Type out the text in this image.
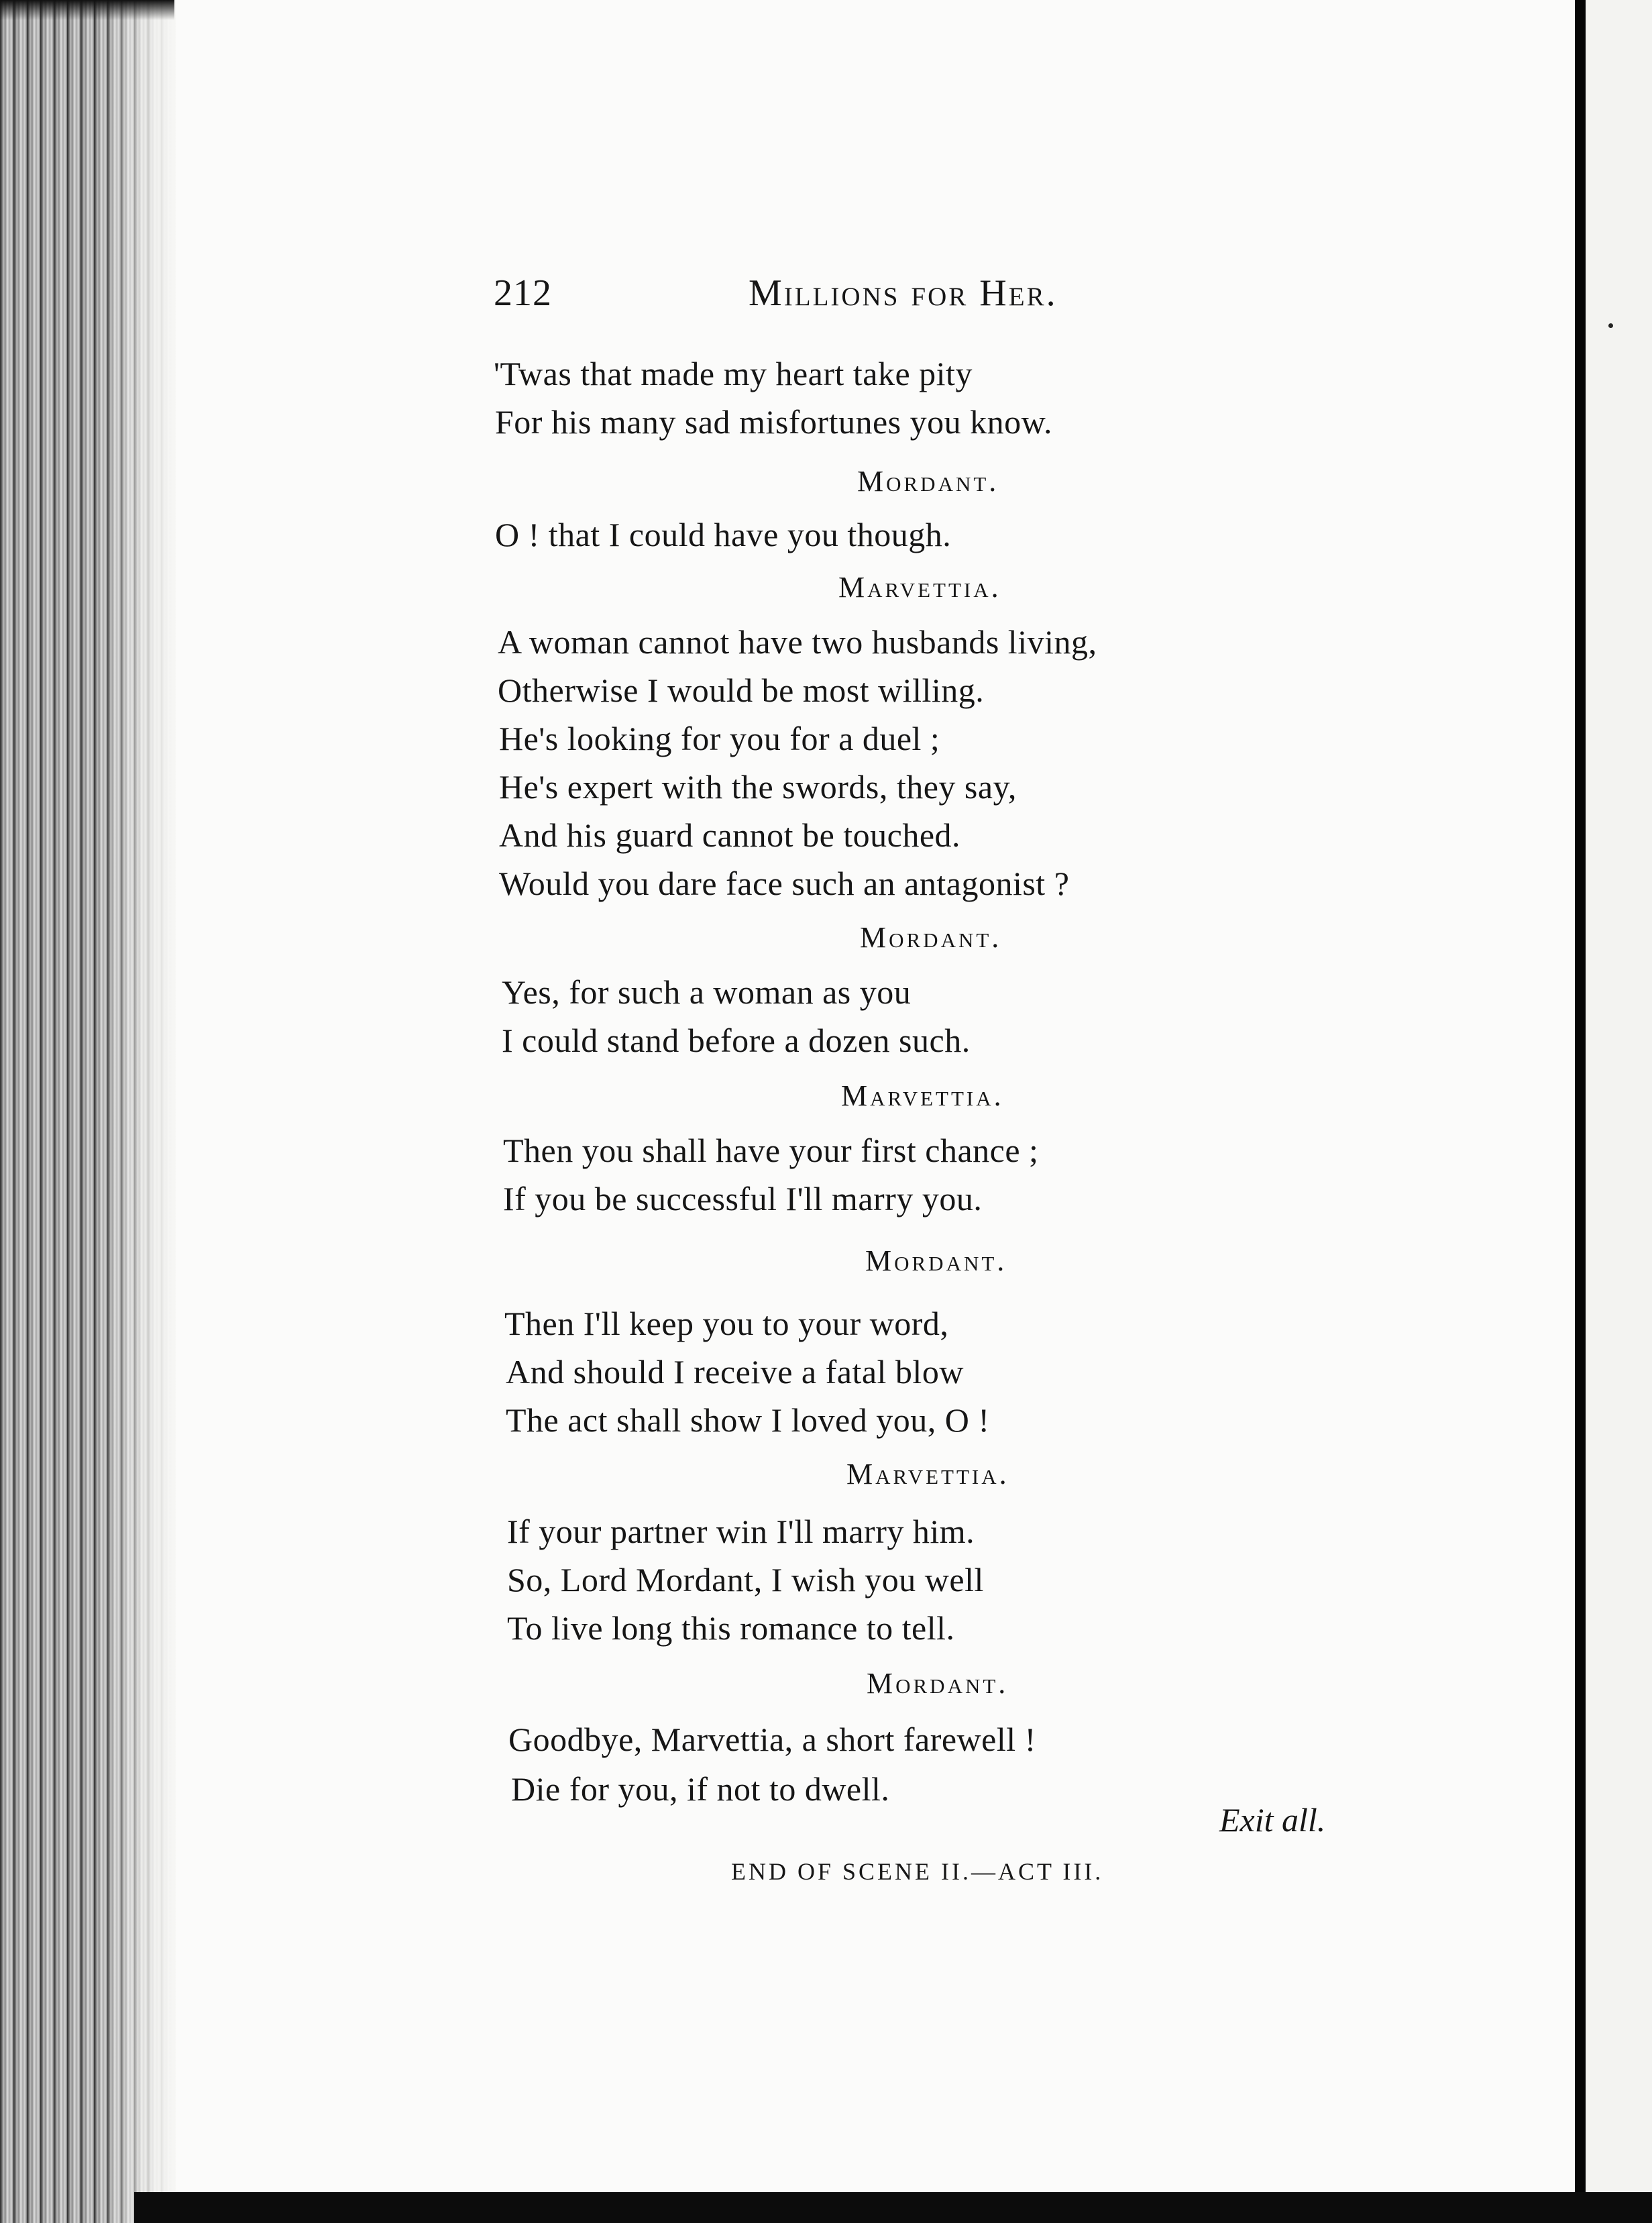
212	Millions for Her.
'Twas that made my heart take pity
For his many sad misfortunes you know.
Mordant.
O ! that I could have you though.
Marvettia.
A woman cannot have two husbands living,
Otherwise I would be most willing.
He's looking for you for a duel ;
He's expert with the swords, they say,
And his guard cannot be touched.
Would you dare face such an antagonist ?
Mordant.
Yes, for such a woman as you
I could stand before a dozen such.
Marvettia.
Then you shall have your first chance ;
If you be successful I'll marry you.
Mordant.
Then I'll keep you to your word,
And should I receive a fatal blow
The act shall show I loved you, O !
Marvettia.
If your partner win I'll marry him.
So, Lord Mordant, I wish you well
To live long this romance to tell.
Mordant.
Goodbye, Marvettia, a short farewell !
Die for you, if not to dwell.
Exit all.
END OF SCENE II.—ACT III.
